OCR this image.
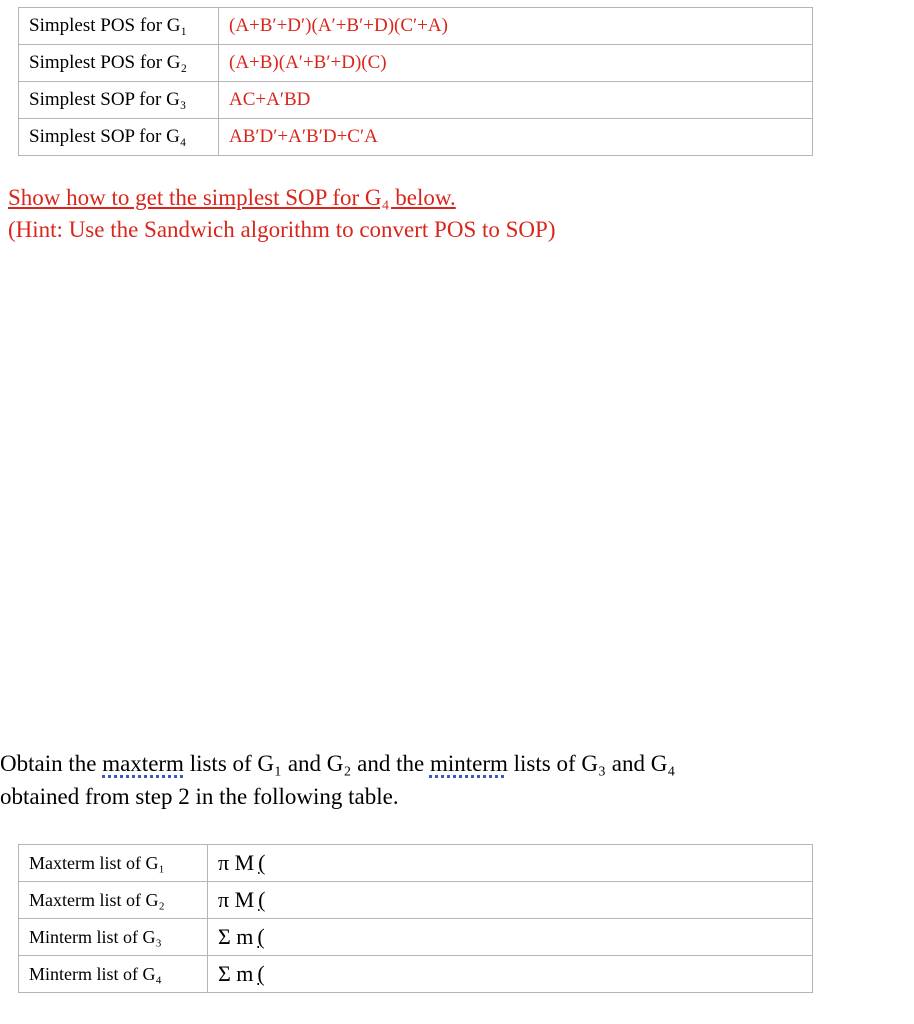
Simplest POS for G₁	(A+B′+D′)(A′+B′+D)(C′+A)
Simplest POS for G₂	(A+B)(A′+B′+D)(C)
Simplest SOP for G₃	AC+A′BD
Simplest SOP for G₄	AB′D′+A′B′D+C′A
Show how to get the simplest SOP for G₄ below.
(Hint: Use the Sandwich algorithm to convert POS to SOP)
Obtain the maxterm lists of G₁ and G₂ and the minterm lists of G₃ and G₄
obtained from step 2 in the following table.
Maxterm list of G₁	π M (
Maxterm list of G₂	π M (
Minterm list of G₃	Σ m (
Minterm list of G₄	Σ m (
